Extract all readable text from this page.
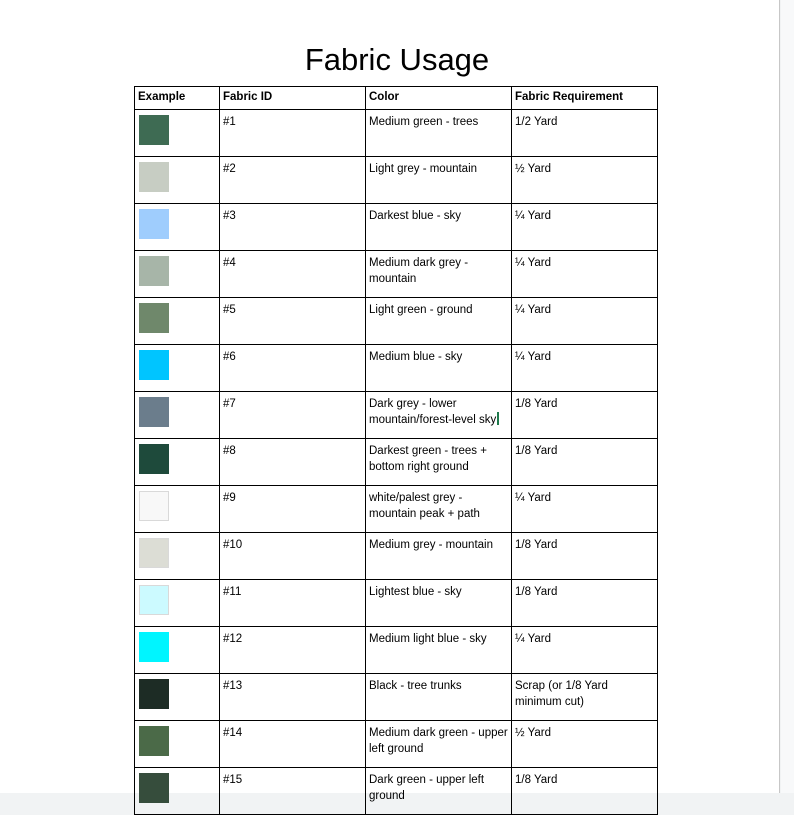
Fabric Usage
Example	Fabric ID	Color	Fabric Requirement

	#1	Medium green - trees	1/2 Yard

	#2	Light grey - mountain	½ Yard

	#3	Darkest blue - sky	¼ Yard

	#4	Medium dark grey - mountain	¼ Yard

	#5	Light green - ground	¼ Yard

	#6	Medium blue - sky	¼ Yard

	#7	Dark grey - lower mountain/forest-level sky	1/8 Yard

	#8	Darkest green - trees + bottom right ground	1/8 Yard

	#9	white/palest grey - mountain peak + path	¼ Yard

	#10	Medium grey - mountain	1/8 Yard

	#11	Lightest blue - sky	1/8 Yard

	#12	Medium light blue - sky	¼ Yard

	#13	Black - tree trunks	Scrap (or 1/8 Yard minimum cut)

	#14	Medium dark green - upper left ground	½ Yard

	#15	Dark green - upper left ground	1/8 Yard
